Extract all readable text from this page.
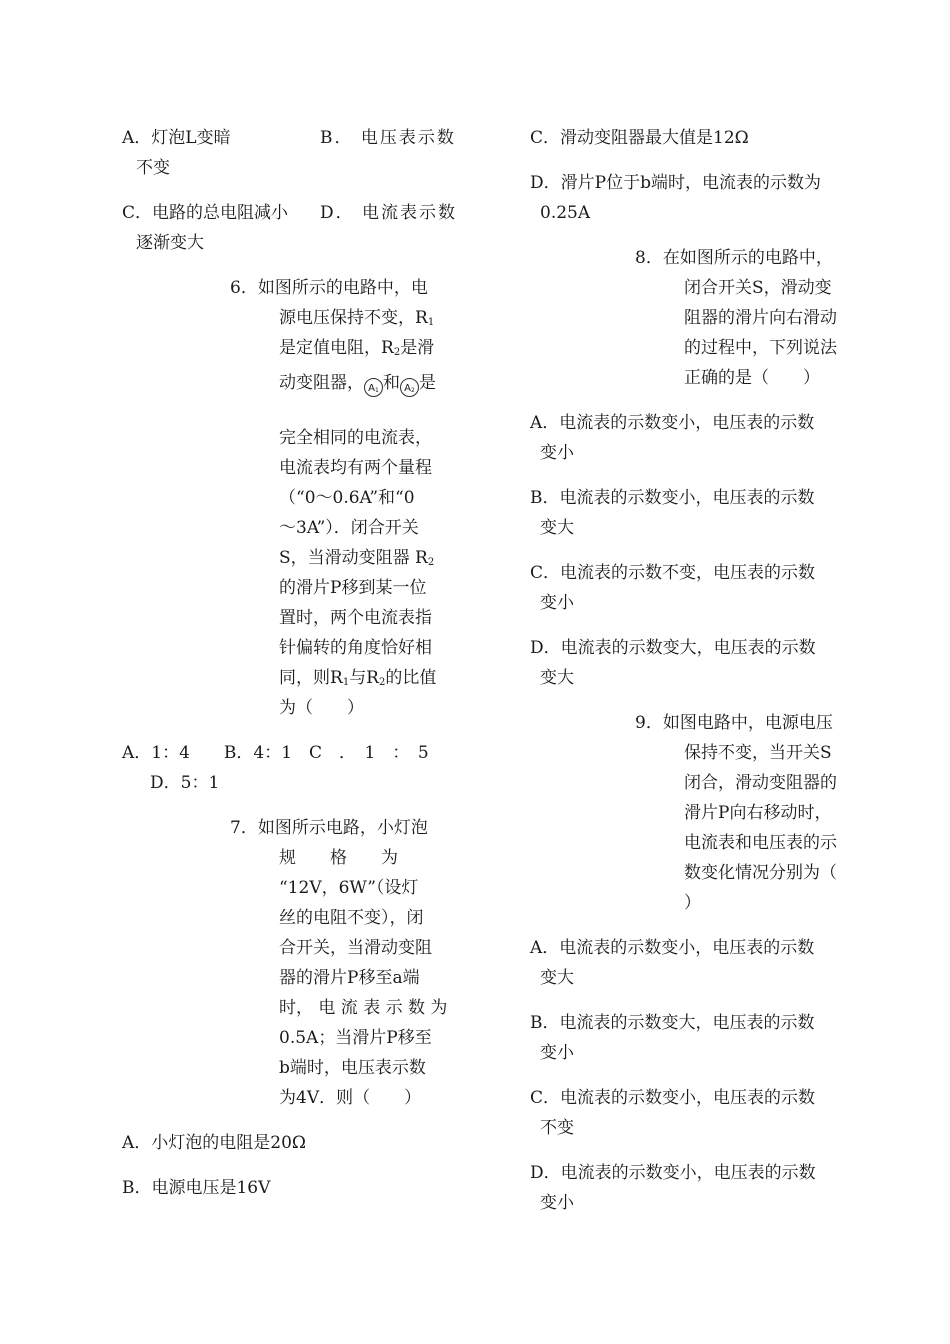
A．灯泡L变暗	B． 电压表示数

不变

C．电路的总电阻减小 D． 电流表示数

逐渐变大

6．如图所示的电路中，电

源电压保持不变，$R_1$

是定值电阻，$R_2$是滑

动变阻器， $A_1$ 和 $A_2$ 是

完全相同的电流表，

电流表均有两个量程

（“0～0.6A”和“0

～3A”）．闭合开关

S，当滑动变阻器 $R_2$

的滑片P移到某一位

置时，两个电流表指

针偏转的角度恰好相

同，则$R_1$与$R_2$的比值

为（　　）

A．1：4　　B．4：1　C　．　1　：　5

D．5：1

7．如图所示电路，小灯泡

规　　格　　为

“12V，6W”（设灯

丝的电阻不变），闭

合开关，当滑动变阻

器的滑片P移至a端

时， 电 流 表 示 数 为

0.5A；当滑片P移至

b端时，电压表示数

为4V．则（　　）

A．小灯泡的电阻是20Ω

B．电源电压是16V

C．滑动变阻器最大值是12Ω

D．滑片P位于b端时，电流表的示数为

0.25A

8．在如图所示的电路中，

闭合开关S，滑动变

阻器的滑片向右滑动

的过程中，下列说法

正确的是（　　）

A．电流表的示数变小，电压表的示数

变小

B．电流表的示数变小，电压表的示数

变大

C．电流表的示数不变，电压表的示数

变小

D．电流表的示数变大，电压表的示数

变大

9．如图电路中，电源电压

保持不变，当开关S

闭合，滑动变阻器的

滑片P向右移动时，

电流表和电压表的示

数变化情况分别为（

）

A．电流表的示数变小，电压表的示数

变大

B．电流表的示数变大，电压表的示数

变小

C．电流表的示数变小，电压表的示数

不变

D．电流表的示数变小，电压表的示数

变小
